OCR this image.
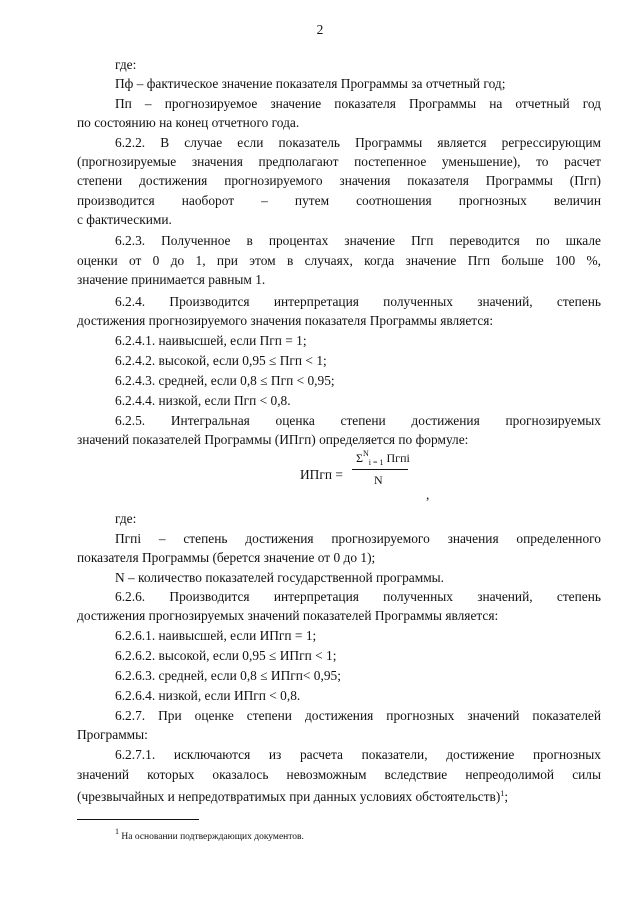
2
где:
Пф – фактическое значение показателя Программы за отчетный год;
Пп – прогнозируемое значение показателя Программы на отчетный год
по состоянию на конец отчетного года.
6.2.2. В случае если показатель Программы является регрессирующим
(прогнозируемые значения предполагают постепенное уменьшение), то расчет
степени достижения прогнозируемого значения показателя Программы (Пгп)
производится наоборот – путем соотношения прогнозных величин
с фактическими.
6.2.3. Полученное в процентах значение Пгп переводится по шкале
оценки от 0 до 1, при этом в случаях, когда значение Пгп больше 100 %,
значение принимается равным 1.
6.2.4. Производится интерпретация полученных значений, степень
достижения прогнозируемого значения показателя Программы является:
6.2.4.1. наивысшей, если Пгп = 1;
6.2.4.2. высокой, если 0,95 ≤ Пгп < 1;
6.2.4.3. средней, если 0,8 ≤ Пгп < 0,95;
6.2.4.4. низкой, если Пгп < 0,8.
6.2.5. Интегральная оценка степени достижения прогнозируемых
значений показателей Программы (ИПгп) определяется по формуле:
ИПгп =
$\Sigma^N_{i = 1}$ Пгпi
N
,
где:
Пгпi – степень достижения прогнозируемого значения определенного
показателя Программы (берется значение от 0 до 1);
N – количество показателей государственной программы.
6.2.6. Производится интерпретация полученных значений, степень
достижения прогнозируемых значений показателей Программы является:
6.2.6.1. наивысшей, если ИПгп = 1;
6.2.6.2. высокой, если 0,95 ≤ ИПгп < 1;
6.2.6.3. средней, если 0,8 ≤ ИПгп< 0,95;
6.2.6.4. низкой, если ИПгп < 0,8.
6.2.7. При оценке степени достижения прогнозных значений показателей
Программы:
6.2.7.1. исключаются из расчета показатели, достижение прогнозных
значений которых оказалось невозможным вследствие непреодолимой силы
(чрезвычайных и непредотвратимых при данных условиях обстоятельств)$^1$;
$^1$ На основании подтверждающих документов.
